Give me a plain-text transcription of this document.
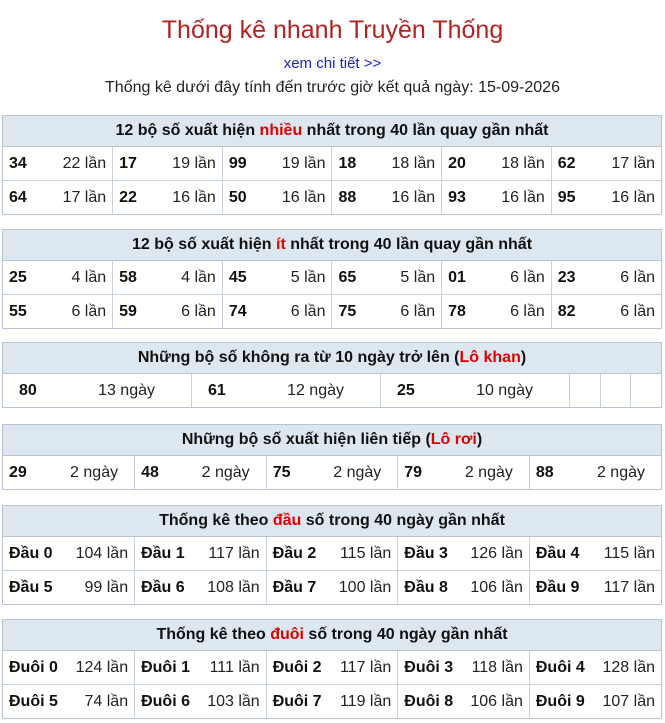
Thống kê nhanh Truyền Thống
xem chi tiết >>
Thống kê dưới đây tính đến trước giờ kết quả ngày: 15-09-2026
12 bộ số xuất hiện nhiều nhất trong 40 lần quay gần nhất
34 22 lần	17 19 lần	99 19 lần	18 18 lần	20 18 lần	62 17 lần

64 17 lần	22 16 lần	50 16 lần	88 16 lần	93 16 lần	95 16 lần
12 bộ số xuất hiện ít nhất trong 40 lần quay gần nhất
25 4 lần	58 4 lần	45 5 lần	65 5 lần	01 6 lần	23 6 lần

55 6 lần	59 6 lần	74 6 lần	75 6 lần	78 6 lần	82 6 lần
Những bộ số không ra từ 10 ngày trở lên (Lô khan)
80	13 ngày	61	12 ngày	25	10 ngày

Những bộ số xuất hiện liên tiếp (Lô rơi)
29	2 ngày	48	2 ngày	75	2 ngày	79	2 ngày	88	2 ngày
Thống kê theo đầu số trong 40 ngày gần nhất
Đầu 0 104 lần	Đầu 1 117 lần	Đầu 2 115 lần	Đầu 3 126 lần	Đầu 4 115 lần

Đầu 5 99 lần	Đầu 6 108 lần	Đầu 7 100 lần	Đầu 8 106 lần	Đầu 9 117 lần
Thống kê theo đuôi số trong 40 ngày gần nhất
Đuôi 0 124 lần	Đuôi 1 111 lần	Đuôi 2 117 lần	Đuôi 3 118 lần	Đuôi 4 128 lần

Đuôi 5 74 lần	Đuôi 6 103 lần	Đuôi 7 119 lần	Đuôi 8 106 lần	Đuôi 9 107 lần
